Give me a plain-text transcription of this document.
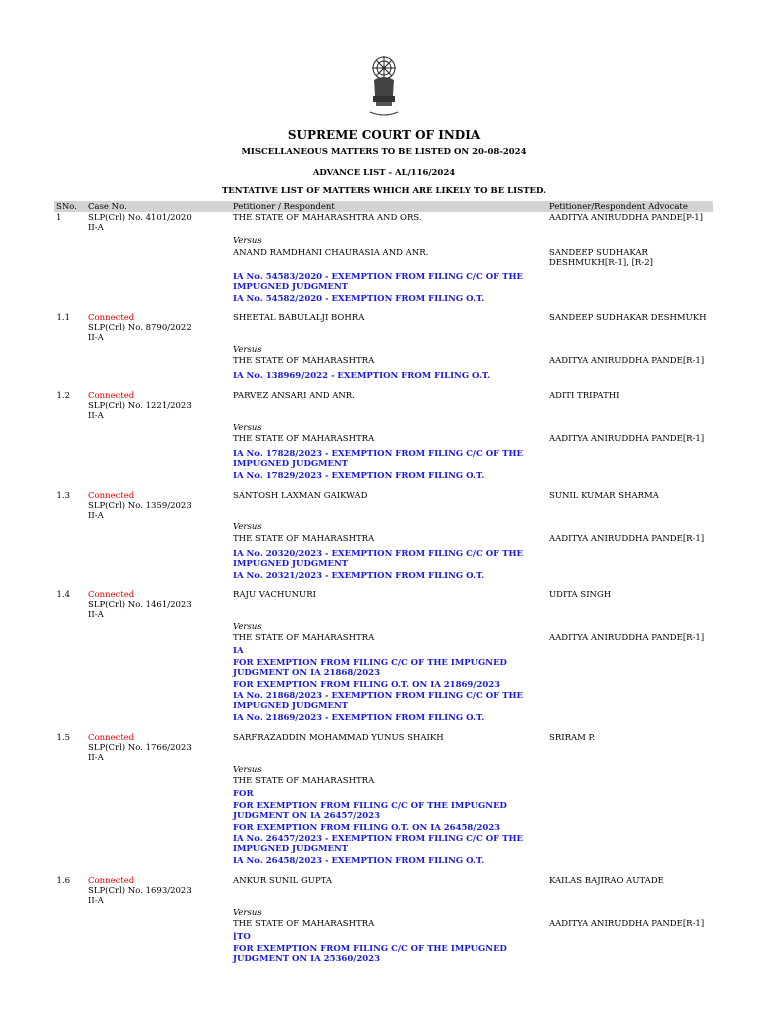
SUPREME COURT OF INDIA
MISCELLANEOUS MATTERS TO BE LISTED ON 20-08-2024
ADVANCE LIST - AL/116/2024
TENTATIVE LIST OF MATTERS WHICH ARE LIKELY TO BE LISTED.
SNo. Case No.	Petitioner / Respondent	Petitioner/Respondent Advocate
1	SLP(Crl) No. 4101/2020
II-A
THE STATE OF MAHARASHTRA AND ORS.	AADITYA ANIRUDDHA PANDE[P-1]
Versus
ANAND RAMDHANI CHAURASIA AND ANR.	SANDEEP SUDHAKAR
DESHMUKH[R-1], [R-2]
IA No. 54583/2020 - EXEMPTION FROM FILING C/C OF THE
IMPUGNED JUDGMENT
IA No. 54582/2020 - EXEMPTION FROM FILING O.T.
1.1 Connected
SLP(Crl) No. 8790/2022
II-A
SHEETAL BABULALJI BOHRA	SANDEEP SUDHAKAR DESHMUKH
Versus
THE STATE OF MAHARASHTRA	AADITYA ANIRUDDHA PANDE[R-1]
IA No. 138969/2022 - EXEMPTION FROM FILING O.T.
1.2 Connected
SLP(Crl) No. 1221/2023
II-A
PARVEZ ANSARI AND ANR.	ADITI TRIPATHI
Versus
THE STATE OF MAHARASHTRA	AADITYA ANIRUDDHA PANDE[R-1]
IA No. 17828/2023 - EXEMPTION FROM FILING C/C OF THE
IMPUGNED JUDGMENT
IA No. 17829/2023 - EXEMPTION FROM FILING O.T.
1.3 Connected
SLP(Crl) No. 1359/2023
II-A
SANTOSH LAXMAN GAIKWAD	SUNIL KUMAR SHARMA
Versus
THE STATE OF MAHARASHTRA	AADITYA ANIRUDDHA PANDE[R-1]
IA No. 20320/2023 - EXEMPTION FROM FILING C/C OF THE
IMPUGNED JUDGMENT
IA No. 20321/2023 - EXEMPTION FROM FILING O.T.
1.4 Connected
SLP(Crl) No. 1461/2023
II-A
RAJU VACHUNURI	UDITA SINGH
Versus
THE STATE OF MAHARASHTRA	AADITYA ANIRUDDHA PANDE[R-1]
IA
FOR EXEMPTION FROM FILING C/C OF THE IMPUGNED
JUDGMENT ON IA 21868/2023
FOR EXEMPTION FROM FILING O.T. ON IA 21869/2023
IA No. 21868/2023 - EXEMPTION FROM FILING C/C OF THE
IMPUGNED JUDGMENT
IA No. 21869/2023 - EXEMPTION FROM FILING O.T.
1.5 Connected
SLP(Crl) No. 1766/2023
II-A
SARFRAZADDIN MOHAMMAD YUNUS SHAIKH	SRIRAM P.
Versus
THE STATE OF MAHARASHTRA
FOR
FOR EXEMPTION FROM FILING C/C OF THE IMPUGNED
JUDGMENT ON IA 26457/2023
FOR EXEMPTION FROM FILING O.T. ON IA 26458/2023
IA No. 26457/2023 - EXEMPTION FROM FILING C/C OF THE
IMPUGNED JUDGMENT
IA No. 26458/2023 - EXEMPTION FROM FILING O.T.
1.6 Connected
SLP(Crl) No. 1693/2023
II-A
ANKUR SUNIL GUPTA	KAILAS BAJIRAO AUTADE
Versus
THE STATE OF MAHARASHTRA	AADITYA ANIRUDDHA PANDE[R-1]
[TO
FOR EXEMPTION FROM FILING C/C OF THE IMPUGNED
JUDGMENT ON IA 25360/2023
